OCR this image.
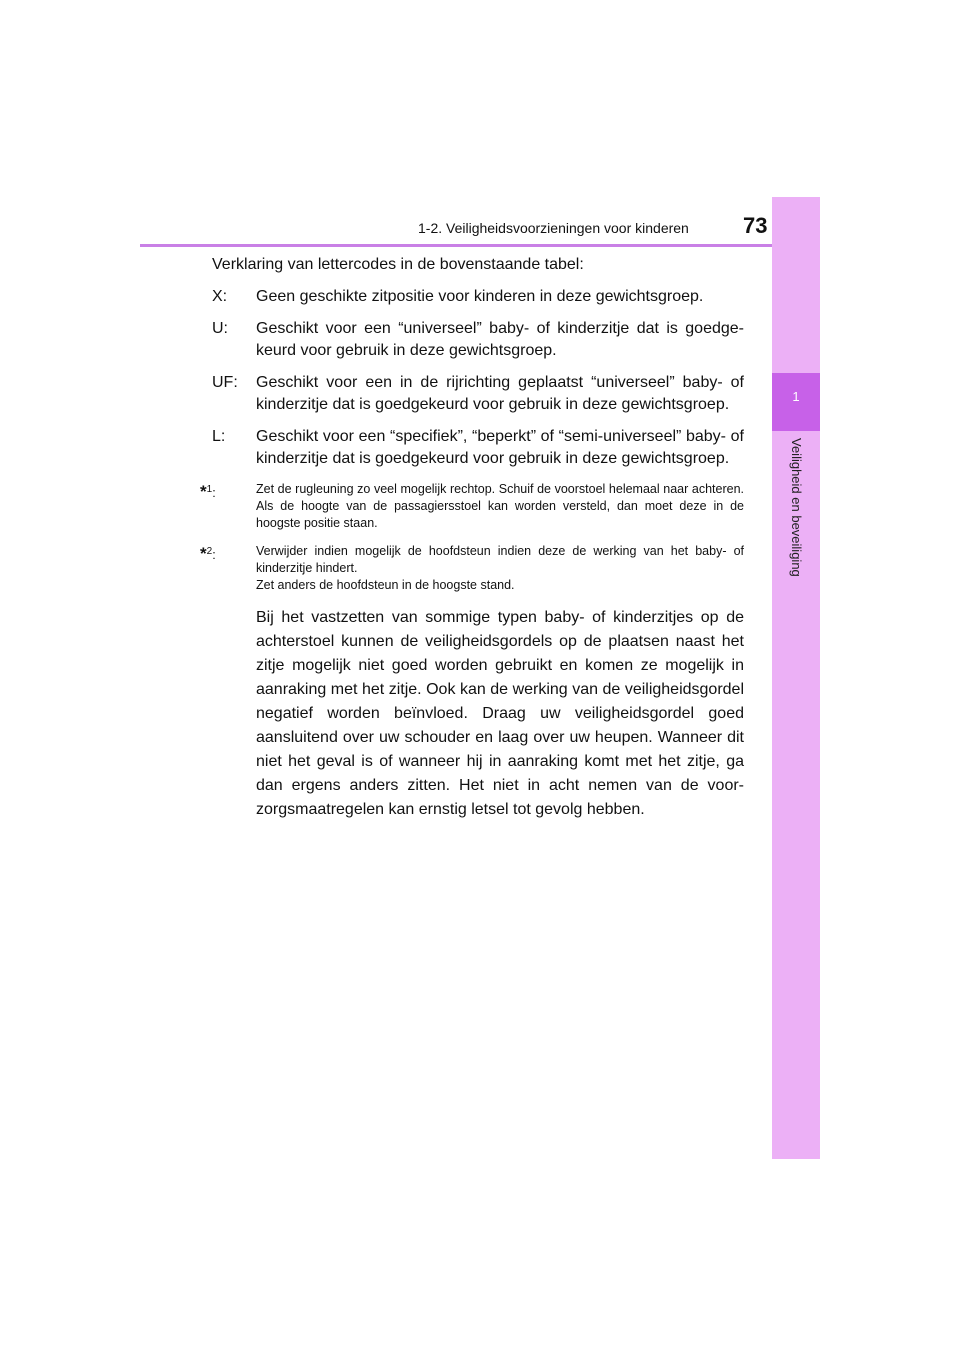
1-2. Veiligheidsvoorzieningen voor kinderen 73
1
Veiligheid en beveiliging

Verklaring van lettercodes in de bovenstaande tabel:

X:	Geen geschikte zitpositie voor kinderen in deze gewichtsgroep.
U:	Geschikt voor een “universeel” baby- of kinderzitje dat is goedgekeurd voor gebruik in deze gewichtsgroep.
UF:	Geschikt voor een in de rijrichting geplaatst “universeel” baby- of kinderzitje dat is goedgekeurd voor gebruik in deze gewichtsgroep.
L:	Geschikt voor een “specifiek”, “beperkt” of “semi-universeel” baby- of kinderzitje dat is goedgekeurd voor gebruik in deze gewichtsgroep.
*$^1$:	Zet de rugleuning zo veel mogelijk rechtop. Schuif de voorstoel helemaal naar achteren. Als de hoogte van de passagiersstoel kan worden versteld, dan moet deze in de hoogste positie staan.
*$^2$:	Verwijder indien mogelijk de hoofdsteun indien deze de werking van het baby- of kinderzitje hindert.
Zet anders de hoofdsteun in de hoogste stand.

Bij het vastzetten van sommige typen baby- of kinderzitjes op de achterstoel kunnen de veiligheidsgordels op de plaatsen naast het zitje mogelijk niet goed worden gebruikt en komen ze mogelijk in aanraking met het zitje. Ook kan de werking van de veiligheidsgordel negatief worden beïnvloed. Draag uw veiligheidsgordel goed aansluitend over uw schouder en laag over uw heupen. Wanneer dit niet het geval is of wanneer hij in aanraking komt met het zitje, ga dan ergens anders zitten. Het niet in acht nemen van de voorzorgsmaatregelen kan ernstig letsel tot gevolg hebben.
